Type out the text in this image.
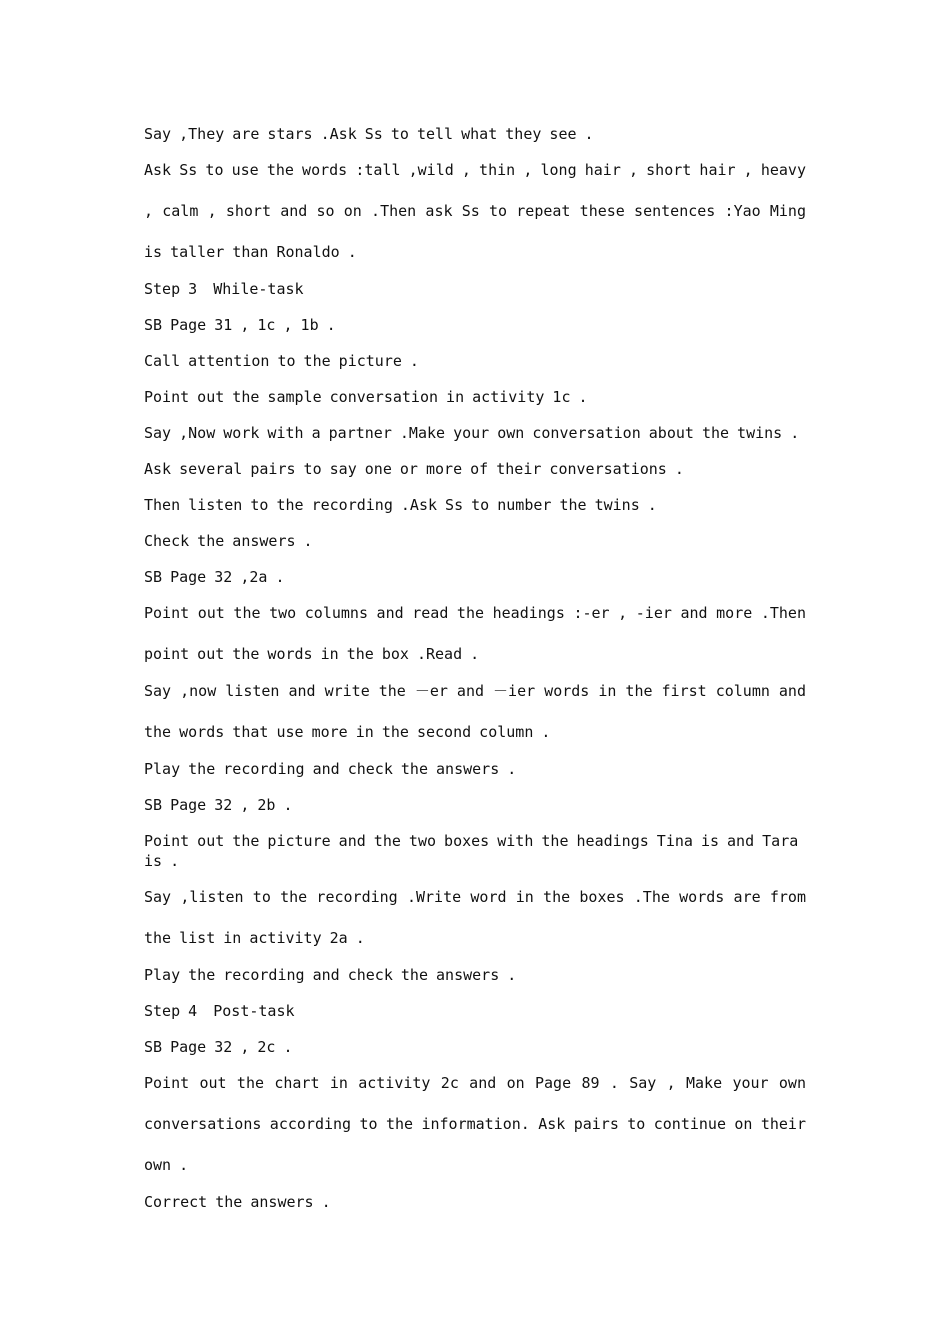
Say ,They are stars .Ask Ss to tell what they see .

Ask Ss to use the words :tall ,wild , thin , long hair , short hair , heavy , calm , short and so on .Then ask Ss to repeat these sentences :Yao Ming is taller than Ronaldo .

Step 3  While-task

SB Page 31 , 1c , 1b .

Call attention to the picture .

Point out the sample conversation in activity 1c .

Say ,Now work with a partner .Make your own conversation about the twins .

Ask several pairs to say one or more of their conversations .

Then listen to the recording .Ask Ss to number the twins .

Check the answers .

SB Page 32 ,2a .

Point out the two columns and read the headings :-er , -ier and more .Then point out the words in the box .Read .

Say ,now listen and write the －er and －ier words in the first column and the words that use more in the second column .

Play the recording and check the answers .

SB Page 32 , 2b .

Point out the picture and the two boxes with the headings Tina is and Tara is .

Say ,listen to the recording .Write word in the boxes .The words are from the list in activity 2a .

Play the recording and check the answers .

Step 4  Post-task

SB Page 32 , 2c .

Point out the chart in activity 2c and on Page 89 . Say , Make your own conversations according to the information. Ask pairs to continue on their own .

Correct the answers .
